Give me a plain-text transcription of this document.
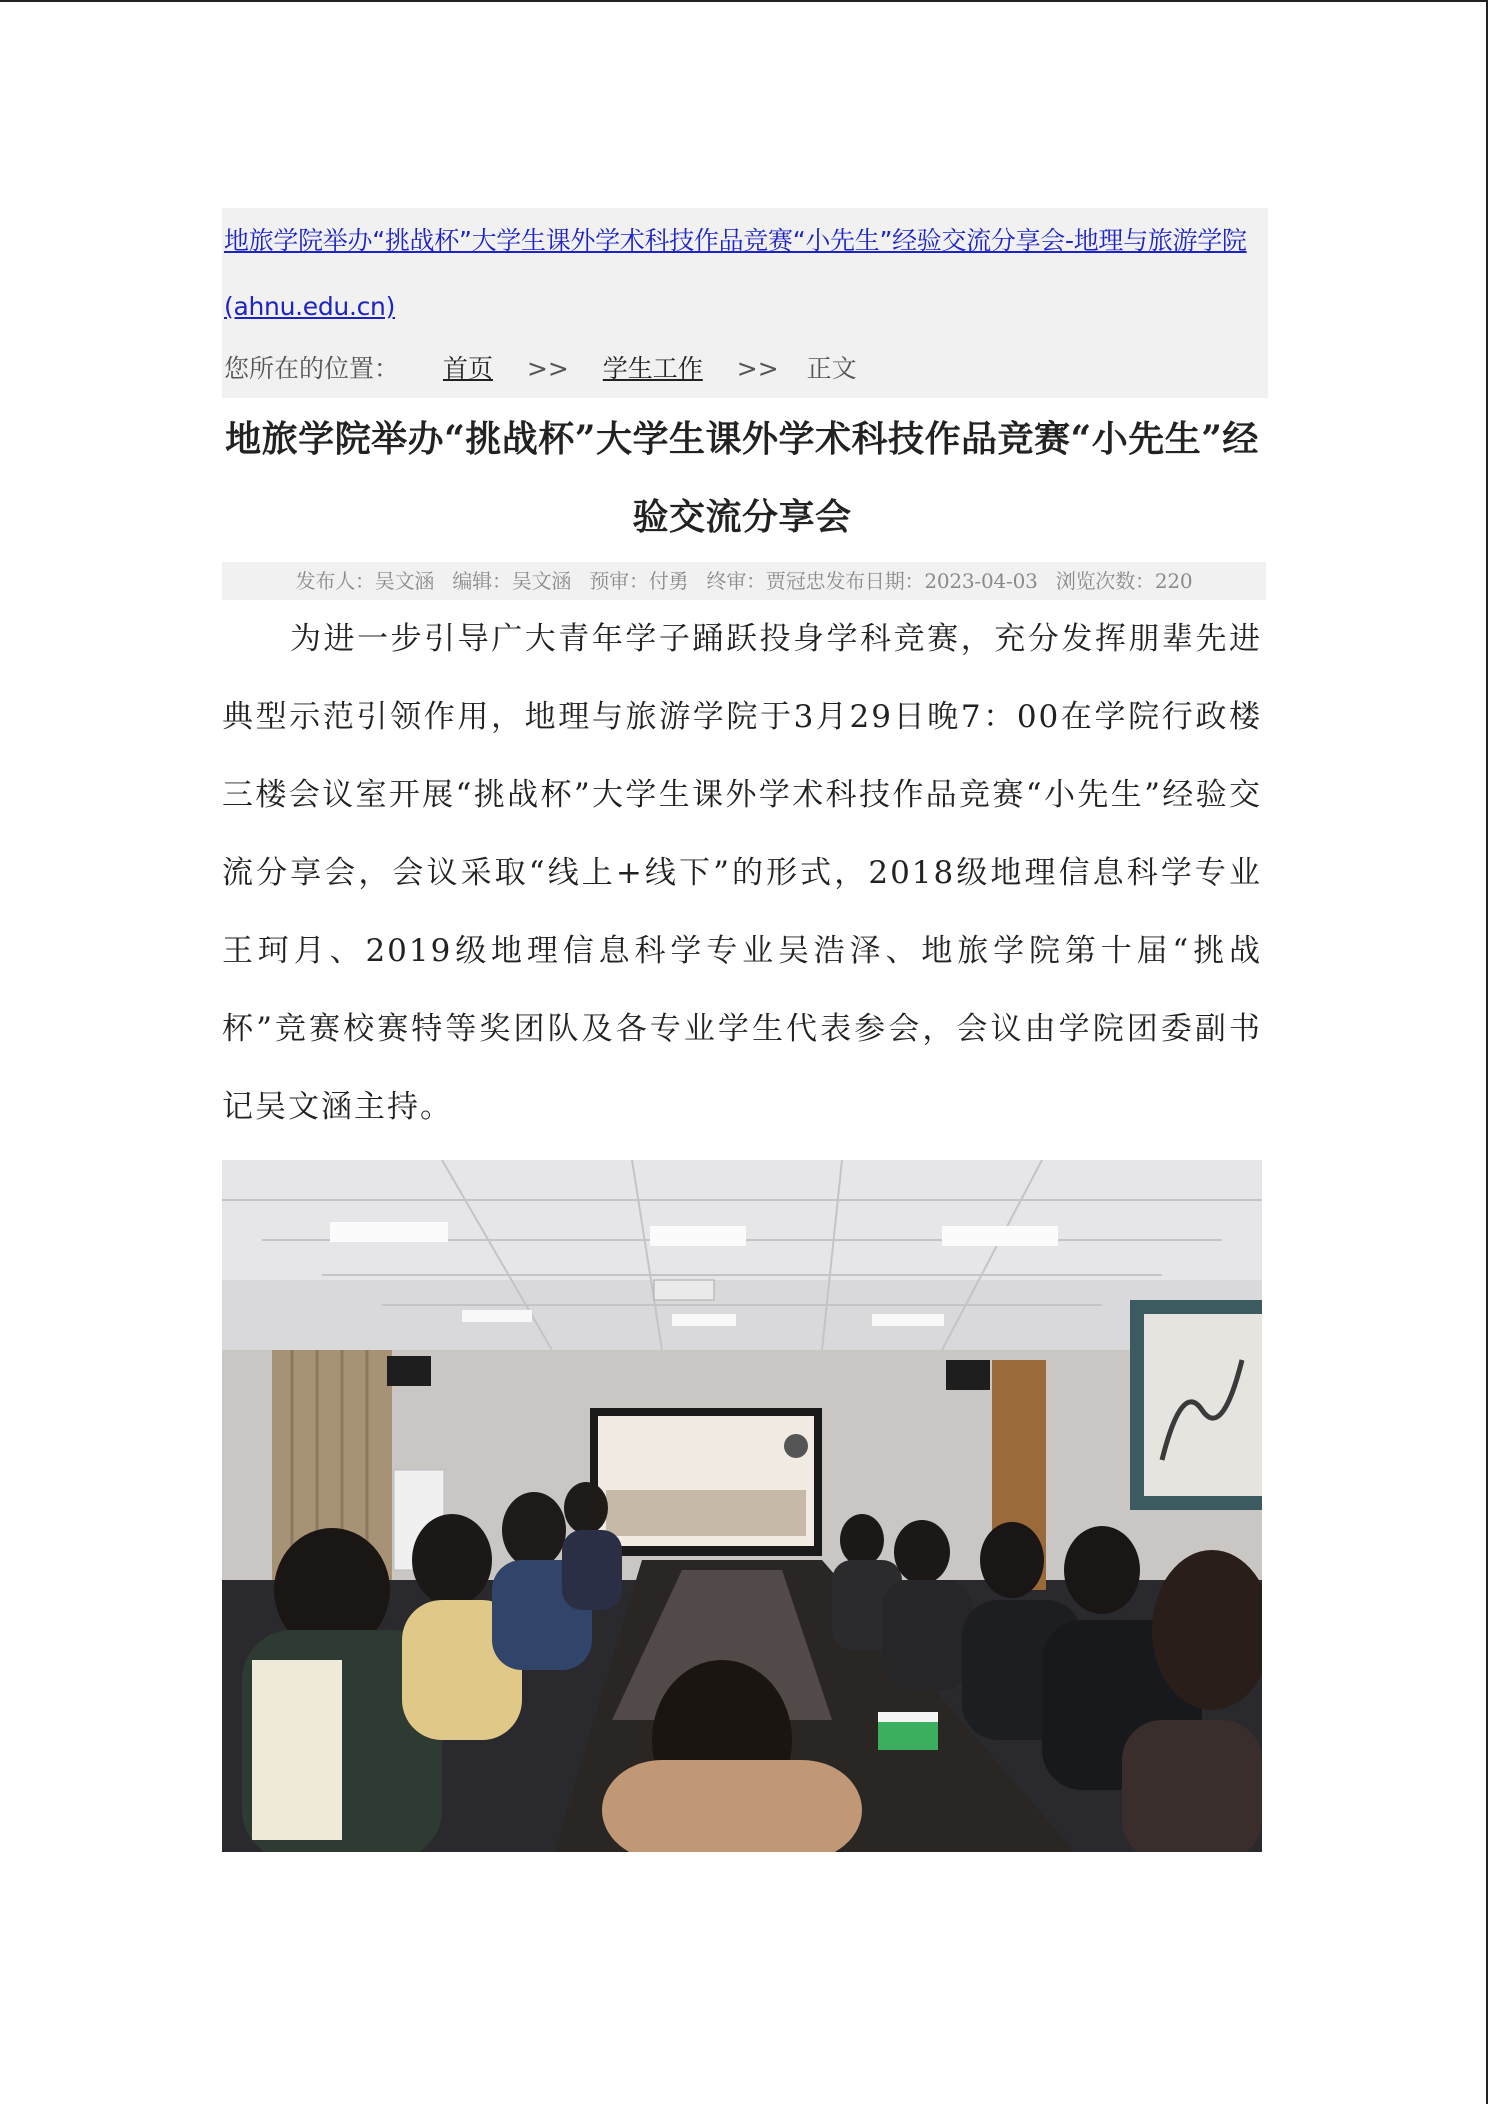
地旅学院举办“挑战杯”大学生课外学术科技作品竞赛“小先生”经验交流分享会-地理与旅游学院 (ahnu.edu.cn)
您所在的位置： 首页 >> 学生工作 >> 正文
地旅学院举办“挑战杯”大学生课外学术科技作品竞赛“小先生”经验交流分享会
发布人：吴文涵 编辑：吴文涵 预审：付勇 终审：贾冠忠发布日期：2023-04-03 浏览次数：220

为进一步引导广大青年学子踊跃投身学科竞赛，充分发挥朋辈先进典型示范引领作用，地理与旅游学院于3月29日晚7：00在学院行政楼三楼会议室开展“挑战杯”大学生课外学术科技作品竞赛“小先生”经验交流分享会，会议采取“线上+线下”的形式，2018级地理信息科学专业王珂月、2019级地理信息科学专业吴浩泽、地旅学院第十届“挑战杯”竞赛校赛特等奖团队及各专业学生代表参会，会议由学院团委副书记吴文涵主持。
